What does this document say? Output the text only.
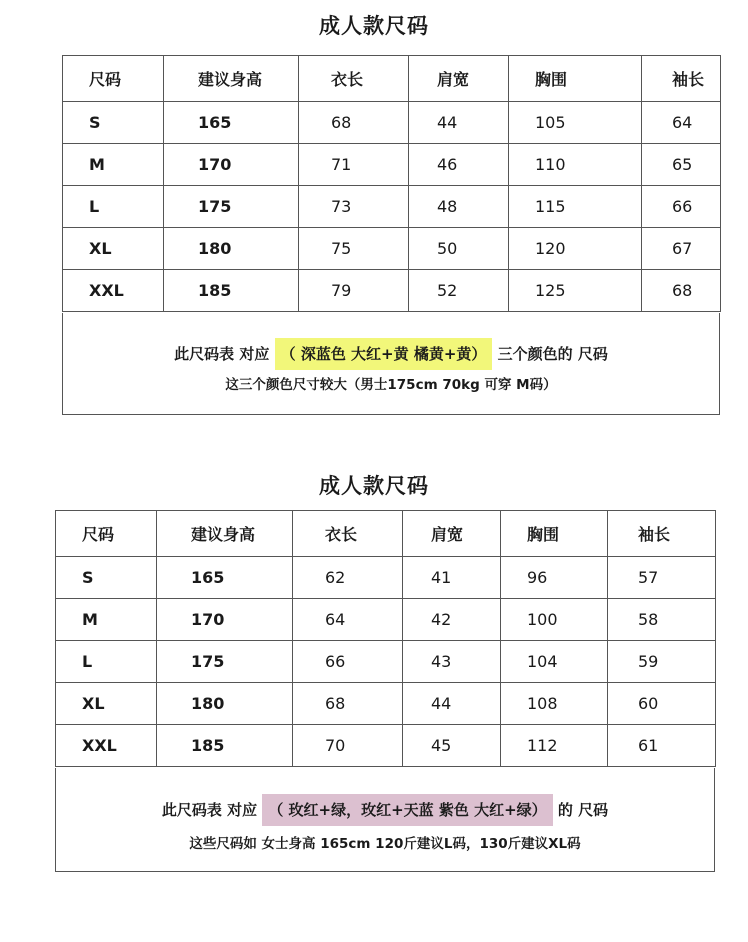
成人款尺码
尺码	建议身高	衣长	肩宽	胸围	袖长
S	165	68	44	105	64
M	170	71	46	110	65
L	175	73	48	115	66
XL	180	75	50	120	67
XXL	185	79	52	125	68
此尺码表 对应 （ 深蓝色 大红+黄 橘黄+黄） 三个颜色的 尺码
这三个颜色尺寸较大（男士175cm 70kg 可穿 M码）
成人款尺码
尺码	建议身高	衣长	肩宽	胸围	袖长
S	165	62	41	96	57
M	170	64	42	100	58
L	175	66	43	104	59
XL	180	68	44	108	60
XXL	185	70	45	112	61
此尺码表 对应 （ 玫红+绿，玫红+天蓝 紫色 大红+绿） 的 尺码
这些尺码如 女士身高 165cm 120斤建议L码，130斤建议XL码
